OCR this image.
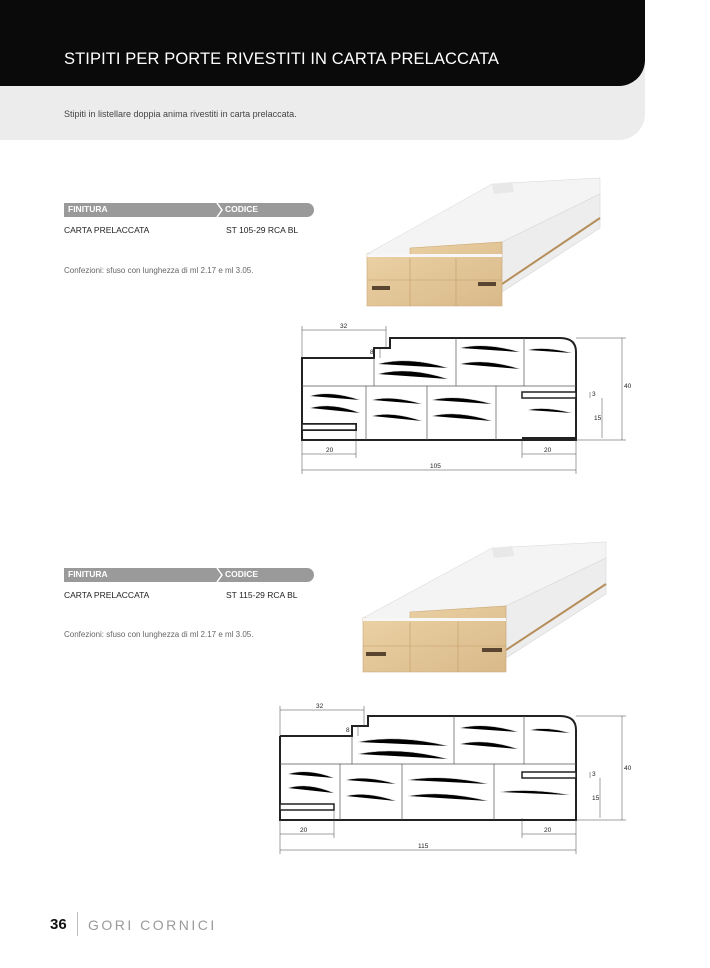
STIPITI PER PORTE RIVESTITI IN CARTA PRELACCATA
Stipiti in listellare doppia anima rivestiti in carta prelaccata.
FINITURA	CODICE
CARTA PRELACCATA	ST 105-29 RCA BL
Confezioni: sfuso con lunghezza di ml 2.17 e ml 3.05.
32
8
40
3
15
20	20
105
FINITURA	CODICE
CARTA PRELACCATA	ST 115-29 RCA BL
Confezioni: sfuso con lunghezza di ml 2.17 e ml 3.05.
32
8
40
3
15
20	20
115
36 GORI CORNICI
